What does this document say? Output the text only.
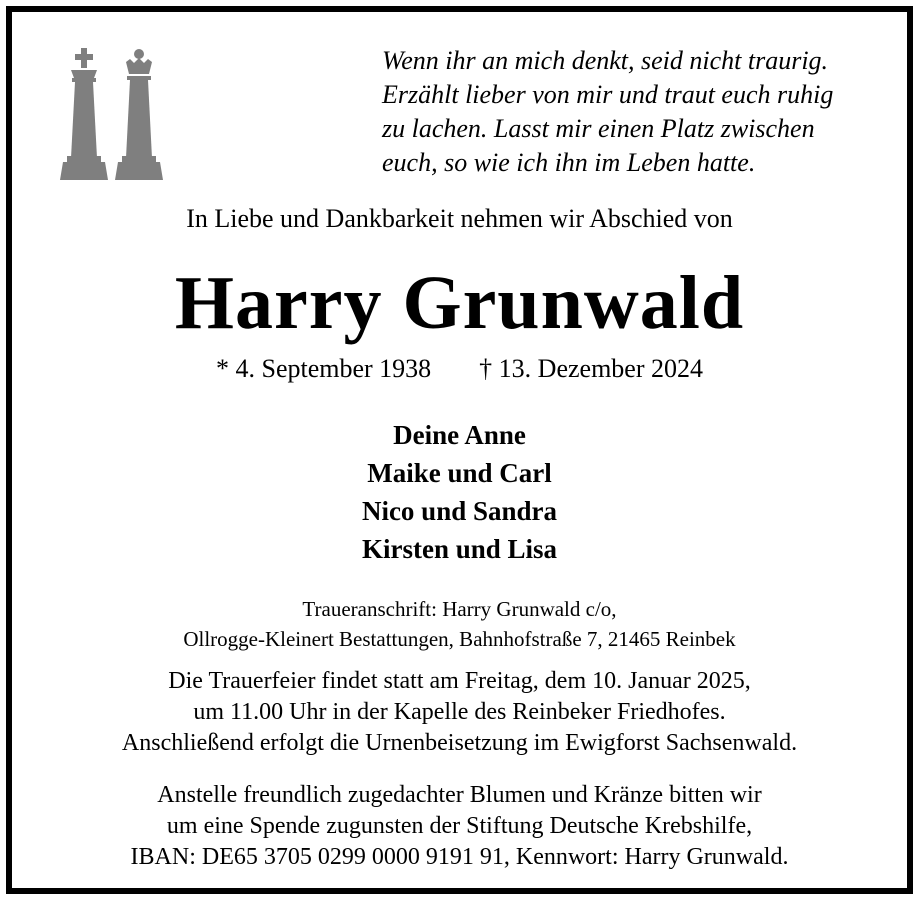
Wenn ihr an mich denkt, seid nicht traurig.
Erzählt lieber von mir und traut euch ruhig
zu lachen. Lasst mir einen Platz zwischen
euch, so wie ich ihn im Leben hatte.
In Liebe und Dankbarkeit nehmen wir Abschied von
Harry Grunwald
* 4. September 1938 † 13. Dezember 2024
Deine Anne
Maike und Carl
Nico und Sandra
Kirsten und Lisa
Traueranschrift: Harry Grunwald c/o,
Ollrogge-Kleinert Bestattungen, Bahnhofstraße 7, 21465 Reinbek
Die Trauerfeier findet statt am Freitag, dem 10. Januar 2025,
um 11.00 Uhr in der Kapelle des Reinbeker Friedhofes.
Anschließend erfolgt die Urnenbeisetzung im Ewigforst Sachsenwald.
Anstelle freundlich zugedachter Blumen und Kränze bitten wir
um eine Spende zugunsten der Stiftung Deutsche Krebshilfe,
IBAN: DE65 3705 0299 0000 9191 91, Kennwort: Harry Grunwald.
